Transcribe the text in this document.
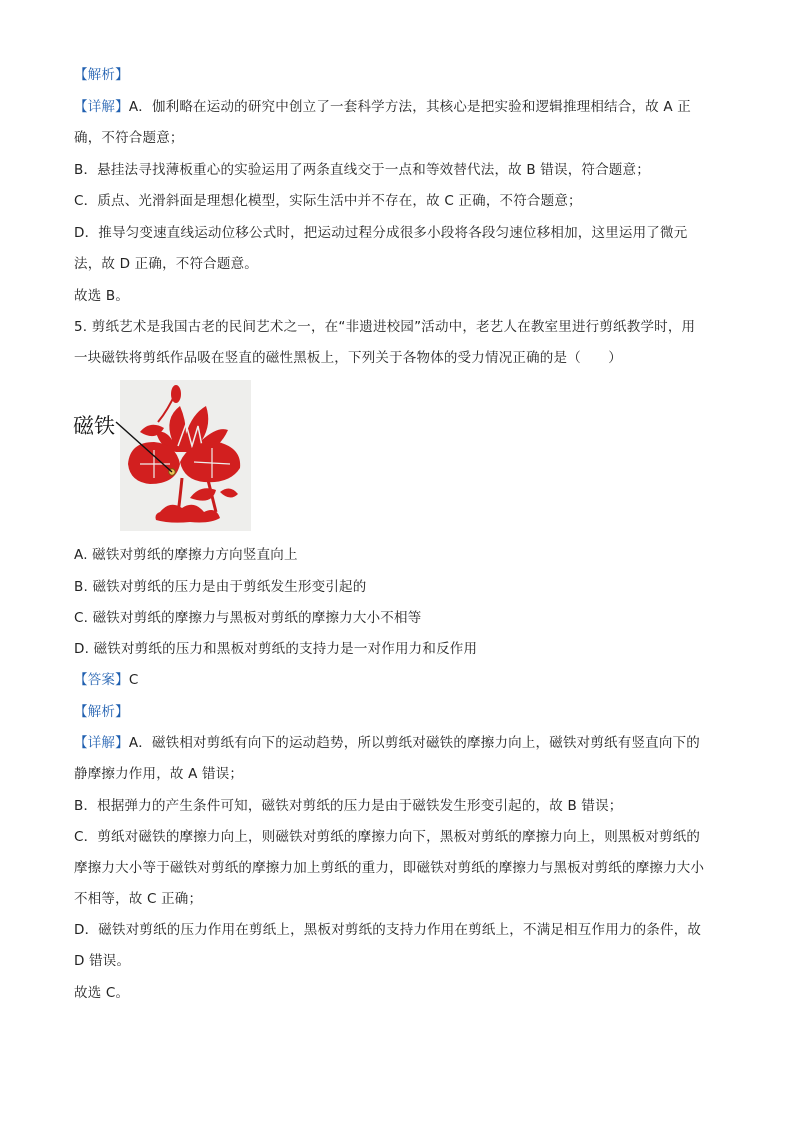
【解析】
【详解】A．伽利略在运动的研究中创立了一套科学方法，其核心是把实验和逻辑推理相结合，故 A 正
确，不符合题意；
B．悬挂法寻找薄板重心的实验运用了两条直线交于一点和等效替代法，故 B 错误，符合题意；
C．质点、光滑斜面是理想化模型，实际生活中并不存在，故 C 正确，不符合题意；
D．推导匀变速直线运动位移公式时，把运动过程分成很多小段将各段匀速位移相加，这里运用了微元
法，故 D 正确，不符合题意。
故选 B。
5. 剪纸艺术是我国古老的民间艺术之一，在“非遗进校园”活动中，老艺人在教室里进行剪纸教学时，用
一块磁铁将剪纸作品吸在竖直的磁性黑板上，下列关于各物体的受力情况正确的是（　　）
磁铁
A. 磁铁对剪纸的摩擦力方向竖直向上
B. 磁铁对剪纸的压力是由于剪纸发生形变引起的
C. 磁铁对剪纸的摩擦力与黑板对剪纸的摩擦力大小不相等
D. 磁铁对剪纸的压力和黑板对剪纸的支持力是一对作用力和反作用
【答案】C
【解析】
【详解】A．磁铁相对剪纸有向下的运动趋势，所以剪纸对磁铁的摩擦力向上，磁铁对剪纸有竖直向下的
静摩擦力作用，故 A 错误；
B．根据弹力的产生条件可知，磁铁对剪纸的压力是由于磁铁发生形变引起的，故 B 错误；
C．剪纸对磁铁的摩擦力向上，则磁铁对剪纸的摩擦力向下，黑板对剪纸的摩擦力向上，则黑板对剪纸的
摩擦力大小等于磁铁对剪纸的摩擦力加上剪纸的重力，即磁铁对剪纸的摩擦力与黑板对剪纸的摩擦力大小
不相等，故 C 正确；
D．磁铁对剪纸的压力作用在剪纸上，黑板对剪纸的支持力作用在剪纸上，不满足相互作用力的条件，故
D 错误。
故选 C。
